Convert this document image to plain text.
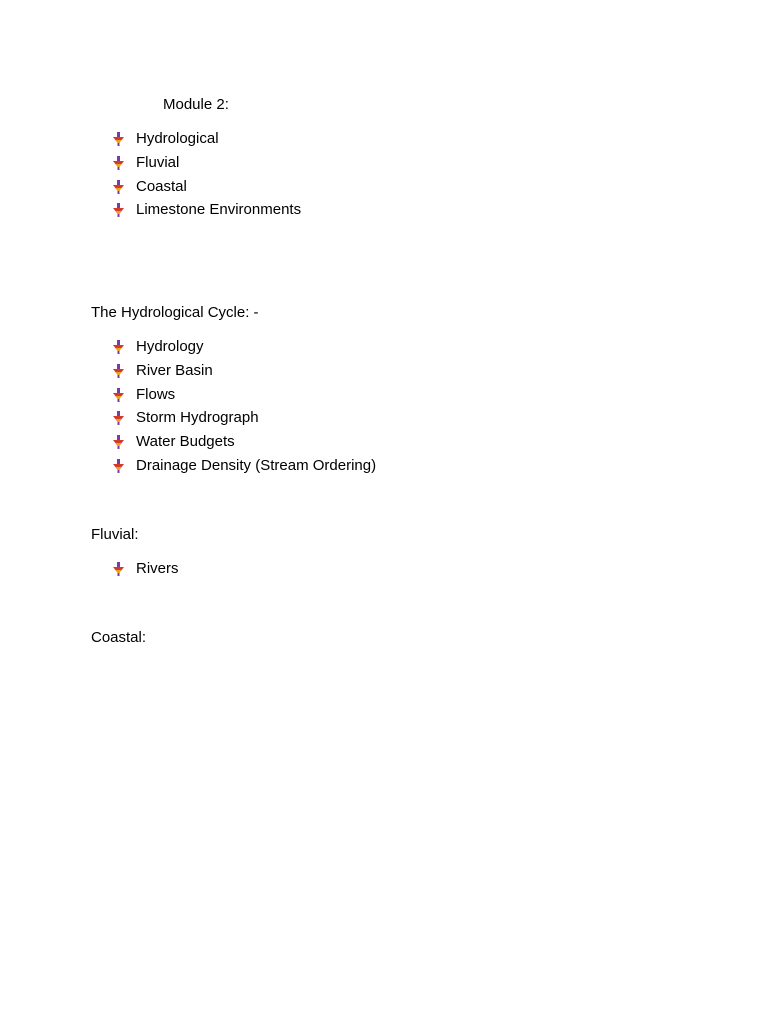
Module 2:
Hydrological
Fluvial
Coastal
Limestone Environments
The Hydrological Cycle: -
Hydrology
River Basin
Flows
Storm Hydrograph
Water Budgets
Drainage Density (Stream Ordering)
Fluvial:
Rivers
Coastal:
